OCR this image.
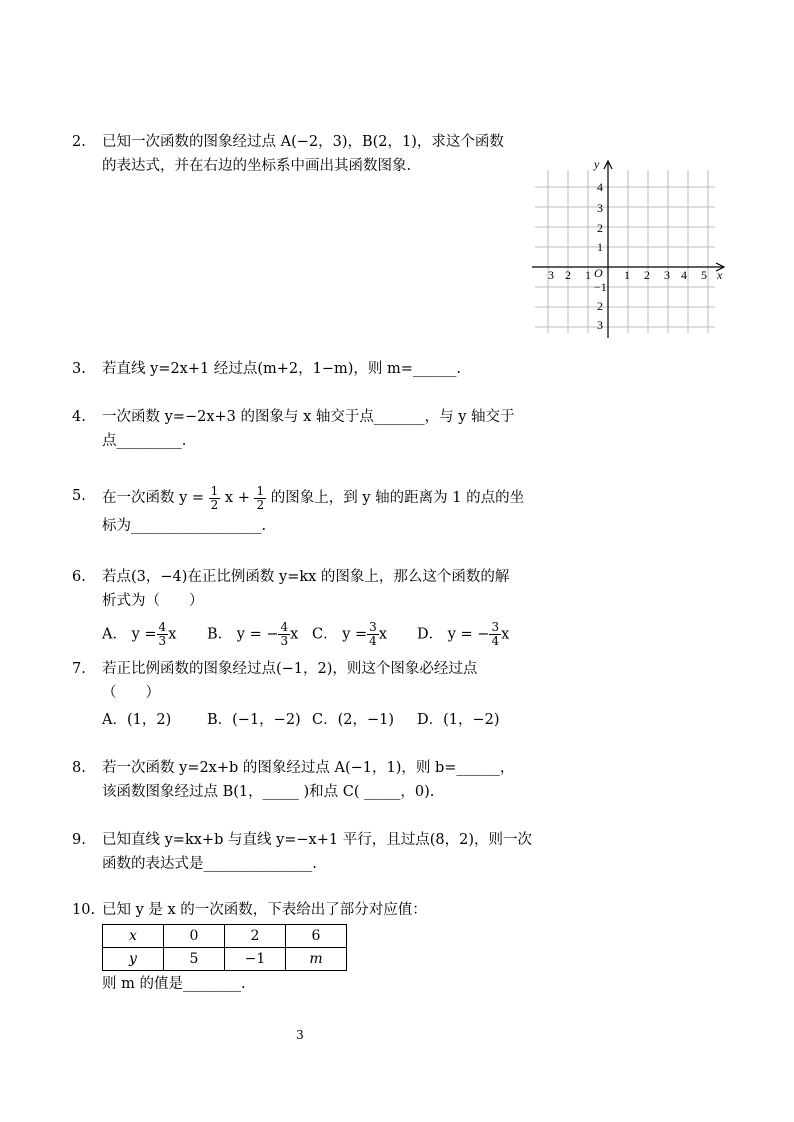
2. 已知一次函数的图象经过点 A(−2，3)，B(2，1)，求这个函数
的表达式，并在右边的坐标系中画出其函数图象.
x
y
O 1 2 3 4 5
3 2 1
4
3
2
1
−1
2
3
3. 若直线 y=2x+1 经过点(m+2，1−m)，则 m=______.
4. 一次函数 y=−2x+3 的图象与 x 轴交于点_______，与 y 轴交于
点_________.
5. 在一次函数 $y = \frac{1}{2}$ $x + \frac{1}{2}$ 的图象上，到 y 轴的距离为 1 的点的坐
标为__________________.
6. 若点(3，−4)在正比例函数 y=kx 的图象上，那么这个函数的解
析式为（　　）
A． $y = \frac{4}{3}$ x	B． y = − $\frac{4}{3}$ x C． $y = \frac{3}{4}$ x	D． y = − $\frac{3}{4}$ x
7. 若正比例函数的图象经过点(−1，2)，则这个图象必经过点
（　　）
A．(1，2)	B．(−1，−2) C．(2，−1)	D．(1，−2)
8. 若一次函数 y=2x+b 的图象经过点 A(−1，1)，则 b=______，
该函数图象经过点 B(1，_____ )和点 C( _____，0).
9. 已知直线 y=kx+b 与直线 y=−x+1 平行，且过点(8，2)，则一次
函数的表达式是_______________.
10. 已知 y 是 x 的一次函数，下表给出了部分对应值：
x	0	2	6
y	5	−1	m
则 m 的值是________.
3
